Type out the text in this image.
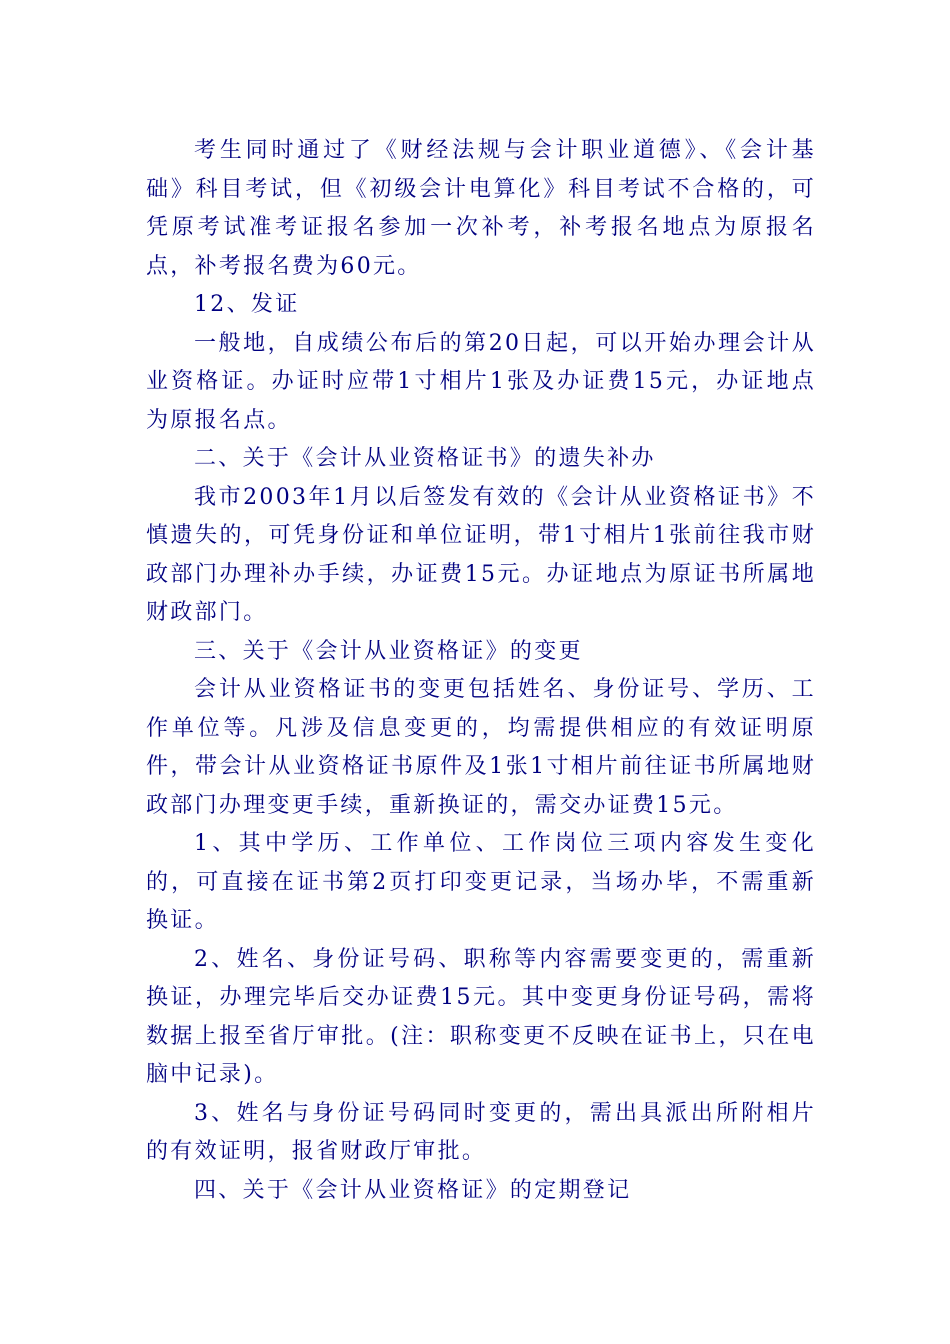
考生同时通过了《财经法规与会计职业道德》、《会计基础》科目考试，但《初级会计电算化》科目考试不合格的，可凭原考试准考证报名参加一次补考，补考报名地点为原报名点，补考报名费为60元。

12、发证

一般地，自成绩公布后的第20日起，可以开始办理会计从业资格证。办证时应带1寸相片1张及办证费15元，办证地点为原报名点。

二、关于《会计从业资格证书》的遗失补办

我市2003年1月以后签发有效的《会计从业资格证书》不慎遗失的，可凭身份证和单位证明，带1寸相片1张前往我市财政部门办理补办手续，办证费15元。办证地点为原证书所属地财政部门。

三、关于《会计从业资格证》的变更

会计从业资格证书的变更包括姓名、身份证号、学历、工作单位等。凡涉及信息变更的，均需提供相应的有效证明原件，带会计从业资格证书原件及1张1寸相片前往证书所属地财政部门办理变更手续，重新换证的，需交办证费15元。

1、其中学历、工作单位、工作岗位三项内容发生变化的，可直接在证书第2页打印变更记录，当场办毕，不需重新换证。

2、姓名、身份证号码、职称等内容需要变更的，需重新换证，办理完毕后交办证费15元。其中变更身份证号码，需将数据上报至省厅审批。(注：职称变更不反映在证书上，只在电脑中记录)。

3、姓名与身份证号码同时变更的，需出具派出所附相片的有效证明，报省财政厅审批。

四、关于《会计从业资格证》的定期登记
